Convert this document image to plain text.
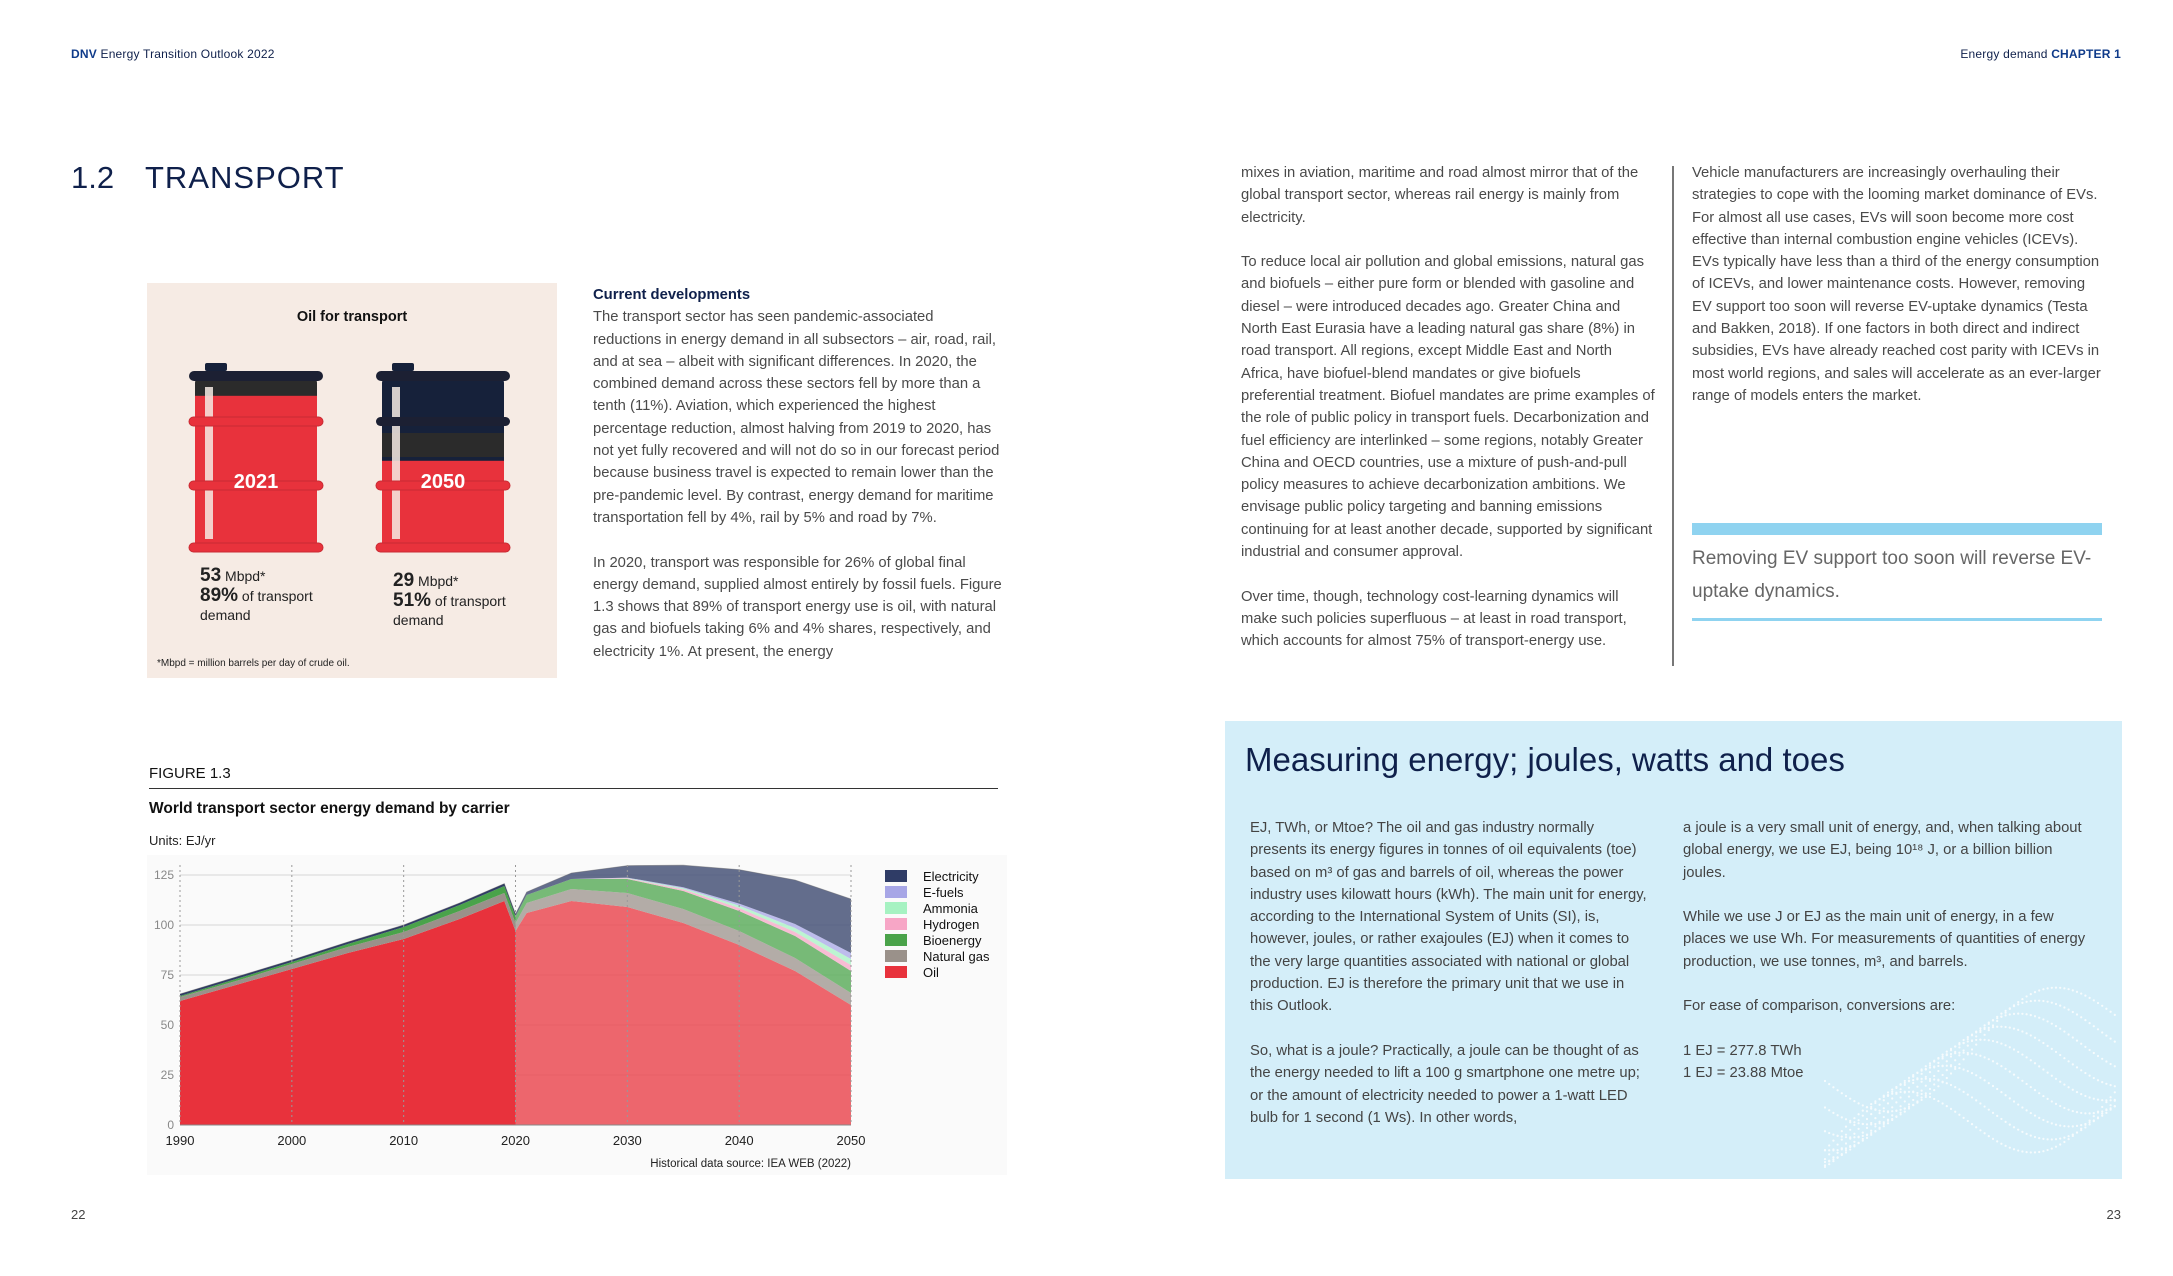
DNV Energy Transition Outlook 2022	Energy demand CHAPTER 1
1.2 TRANSPORT
Oil for transport
2021	2050
53 Mbpd*
89% of transport demand
29 Mbpd*
51% of transport demand
*Mbpd = million barrels per day of crude oil.
Current developments

The transport sector has seen pandemic-associated reductions in energy demand in all subsectors – air, road, rail, and at sea – albeit with significant differences. In 2020, the combined demand across these sectors fell by more than a tenth (11%). Aviation, which experienced the highest percentage reduction, almost halving from 2019 to 2020, has not yet fully recovered and will not do so in our forecast period because business travel is expected to remain lower than the pre-pandemic level. By contrast, energy demand for maritime transportation fell by 4%, rail by 5% and road by 7%.

In 2020, transport was responsible for 26% of global final energy demand, supplied almost entirely by fossil fuels. Figure 1.3 shows that 89% of transport energy use is oil, with natural gas and biofuels taking 6% and 4% shares, respectively, and electricity 1%. At present, the energy

mixes in aviation, maritime and road almost mirror that of the global transport sector, whereas rail energy is mainly from electricity.

To reduce local air pollution and global emissions, natural gas and biofuels – either pure form or blended with gasoline and diesel – were introduced decades ago. Greater China and North East Eurasia have a leading natural gas share (8%) in road transport. All regions, except Middle East and North Africa, have biofuel-blend mandates or give biofuels preferential treatment. Biofuel mandates are prime examples of the role of public policy in transport fuels. Decarbonization and fuel efficiency are interlinked – some regions, notably Greater China and OECD countries, use a mixture of push-and-pull policy measures to achieve decarbonization ambitions. We envisage public policy targeting and banning emissions continuing for at least another decade, supported by significant industrial and consumer approval.

Over time, though, technology cost-learning dynamics will make such policies superfluous – at least in road transport, which accounts for almost 75% of transport-energy use.

Vehicle manufacturers are increasingly overhauling their strategies to cope with the looming market dominance of EVs. For almost all use cases, EVs will soon become more cost effective than internal combustion engine vehicles (ICEVs). EVs typically have less than a third of the energy consumption of ICEVs, and lower maintenance costs. However, removing EV support too soon will reverse EV-uptake dynamics (Testa and Bakken, 2018). If one factors in both direct and indirect subsidies, EVs have already reached cost parity with ICEVs in most world regions, and sales will accelerate as an ever-larger range of models enters the market.

Removing EV support too soon will reverse EV-uptake dynamics.
FIGURE 1.3
World transport sector energy demand by carrier
Units: EJ/yr
0
25
50
75
100
125
1990	2000	2010	2020	2030	2040	2050
Electricity
E-fuels
Ammonia
Hydrogen
Bioenergy
Natural gas
Oil
Historical data source: IEA WEB (2022)
Measuring energy; joules, watts and toes

EJ, TWh, or Mtoe? The oil and gas industry normally presents its energy figures in tonnes of oil equivalents (toe) based on m³ of gas and barrels of oil, whereas the power industry uses kilowatt hours (kWh). The main unit for energy, according to the International System of Units (SI), is, however, joules, or rather exajoules (EJ) when it comes to the very large quantities associated with national or global production. EJ is therefore the primary unit that we use in this Outlook.

So, what is a joule? Practically, a joule can be thought of as the energy needed to lift a 100 g smartphone one metre up; or the amount of electricity needed to power a 1-watt LED bulb for 1 second (1 Ws). In other words,

a joule is a very small unit of energy, and, when talking about global energy, we use EJ, being 10¹⁸ J, or a billion billion joules.

While we use J or EJ as the main unit of energy, in a few places we use Wh. For measurements of quantities of energy production, we use tonnes, m³, and barrels.

For ease of comparison, conversions are:

1 EJ = 277.8 TWh
1 EJ = 23.88 Mtoe
22	23
